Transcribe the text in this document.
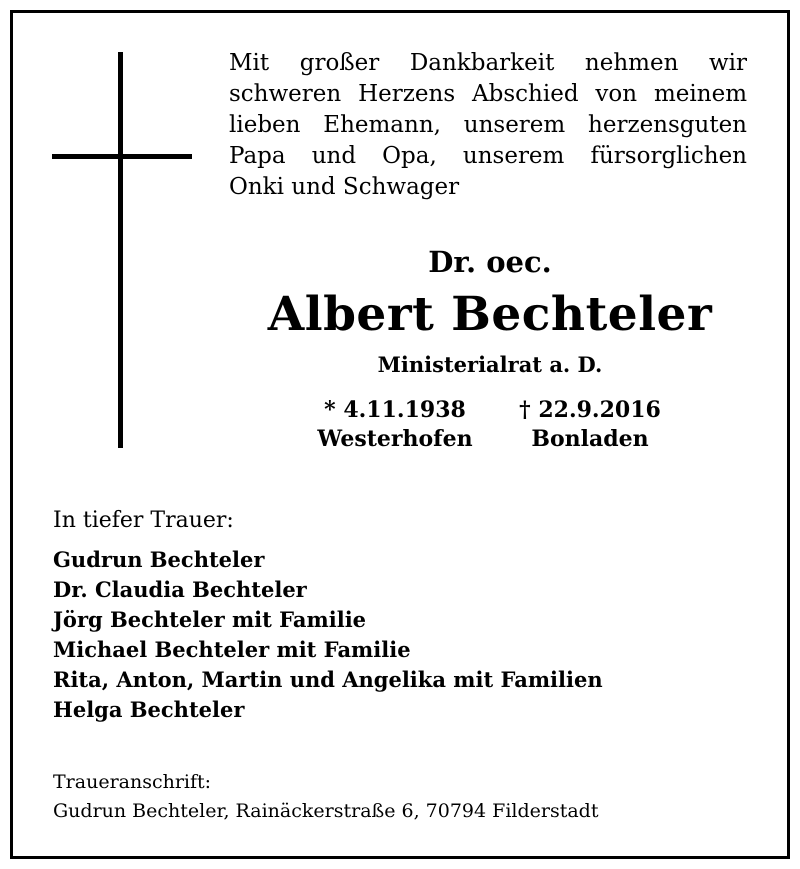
Mit großer Dankbarkeit nehmen wir
schweren Herzens Abschied von meinem
lieben Ehemann, unserem herzensguten
Papa und Opa, unserem fürsorglichen
Onki und Schwager
Dr. oec.
Albert Bechteler
Ministerialrat a. D.
* 4.11.1938
Westerhofen
† 22.9.2016
Bonladen
In tiefer Trauer:
Gudrun Bechteler
Dr. Claudia Bechteler
Jörg Bechteler mit Familie
Michael Bechteler mit Familie
Rita, Anton, Martin und Angelika mit Familien
Helga Bechteler
Traueranschrift:
Gudrun Bechteler, Rainäckerstraße 6, 70794 Filderstadt
